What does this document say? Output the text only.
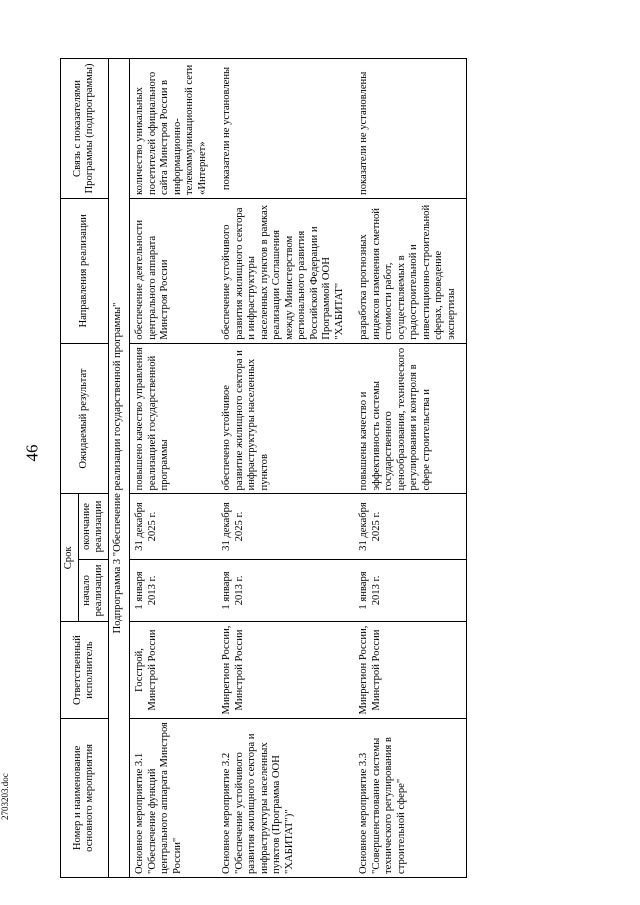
46
2703203.doc	Номер и наименование основного мероприятия	Ответственный исполнитель	Срок		Ожидаемый результат	Направления реализации	Связь с показателями Программы (подпрограммы)
		начало реализации	окончание реализации			
Подпрограмма 3 "Обеспечение реализации государственной программы"						
Основное мероприятие 3.1 "Обеспечение функций центрального аппарата Минстроя России"	Госстрой, Минстрой России	1 января 2013 г.	31 декабря 2025 г.	повышено качество управления реализацией государственной программы	обеспечение деятельности центрального аппарата Минстроя России	количество уникальных посетителей официального сайта Минстроя России в информационно-телекоммуникационной сети «Интернет»
Основное мероприятие 3.2 "Обеспечение устойчивого развития жилищного сектора и инфраструктуры населенных пунктов (Программа ООН "ХАБИТАТ")"	Минрегион России, Минстрой России	1 января 2013 г.	31 декабря 2025 г.	обеспечено устойчивое развитие жилищного сектора и инфраструктуры населенных пунктов	обеспечение устойчивого развития жилищного сектора и инфраструктуры населенных пунктов в рамках реализации Соглашения между Министерством регионального развития Российской Федерации и Программой ООН "ХАБИТАТ"	показатели не установлены
Основное мероприятие 3.3 "Совершенствование системы технического регулирования в строительной сфере"	Минрегион России, Минстрой России	1 января 2013 г.	31 декабря 2025 г.	повышены качество и эффективность системы государственного ценообразования, технического регулирования и контроля в сфере строительства и	разработка прогнозных индексов изменения сметной стоимости работ, осуществляемых в градостроительной и инвестиционно-строительной сферах, проведение экспертизы	показатели не установлены
